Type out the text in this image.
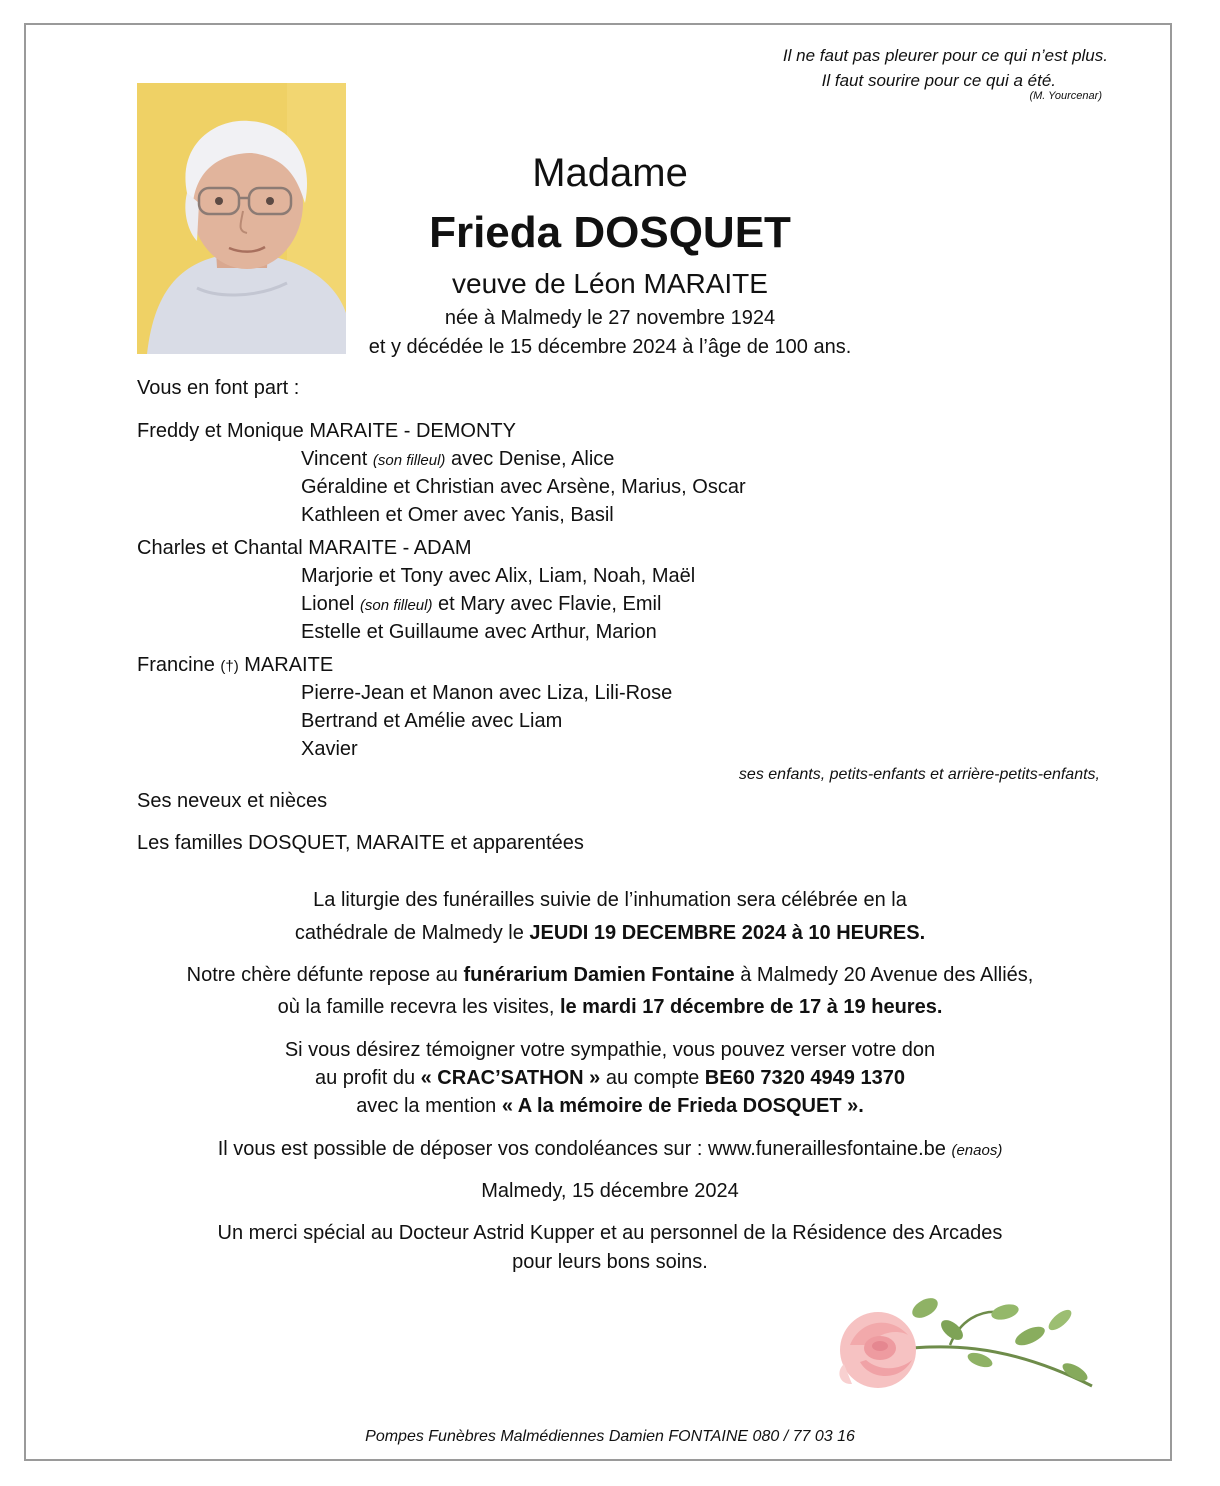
Il ne faut pas pleurer pour ce qui n’est plus.
Il faut sourire pour ce qui a été.
(M. Yourcenar)
Madame
Frieda DOSQUET
veuve de Léon MARAITE
née à Malmedy le 27 novembre 1924
et y décédée le 15 décembre 2024 à l’âge de 100 ans.
Vous en font part :
Freddy et Monique MARAITE - DEMONTY
Vincent (son filleul) avec Denise, Alice
Géraldine et Christian avec Arsène, Marius, Oscar
Kathleen et Omer avec Yanis, Basil
Charles et Chantal MARAITE - ADAM
Marjorie et Tony avec Alix, Liam, Noah, Maël
Lionel (son filleul) et Mary avec Flavie, Emil
Estelle et Guillaume avec Arthur, Marion
Francine (†) MARAITE
Pierre-Jean et Manon avec Liza, Lili-Rose
Bertrand et Amélie avec Liam
Xavier
ses enfants, petits-enfants et arrière-petits-enfants,
Ses neveux et nièces
Les familles DOSQUET, MARAITE et apparentées
La liturgie des funérailles suivie de l’inhumation sera célébrée en la
cathédrale de Malmedy le JEUDI 19 DECEMBRE 2024 à 10 HEURES.
Notre chère défunte repose au funérarium Damien Fontaine à Malmedy 20 Avenue des Alliés,
où la famille recevra les visites, le mardi 17 décembre de 17 à 19 heures.
Si vous désirez témoigner votre sympathie, vous pouvez verser votre don
au profit du « CRAC’SATHON » au compte BE60 7320 4949 1370
avec la mention « A la mémoire de Frieda DOSQUET ».
Il vous est possible de déposer vos condoléances sur : www.funeraillesfontaine.be (enaos)
Malmedy, 15 décembre 2024
Un merci spécial au Docteur Astrid Kupper et au personnel de la Résidence des Arcades
pour leurs bons soins.
Pompes Funèbres Malmédiennes Damien FONTAINE 080 / 77 03 16
